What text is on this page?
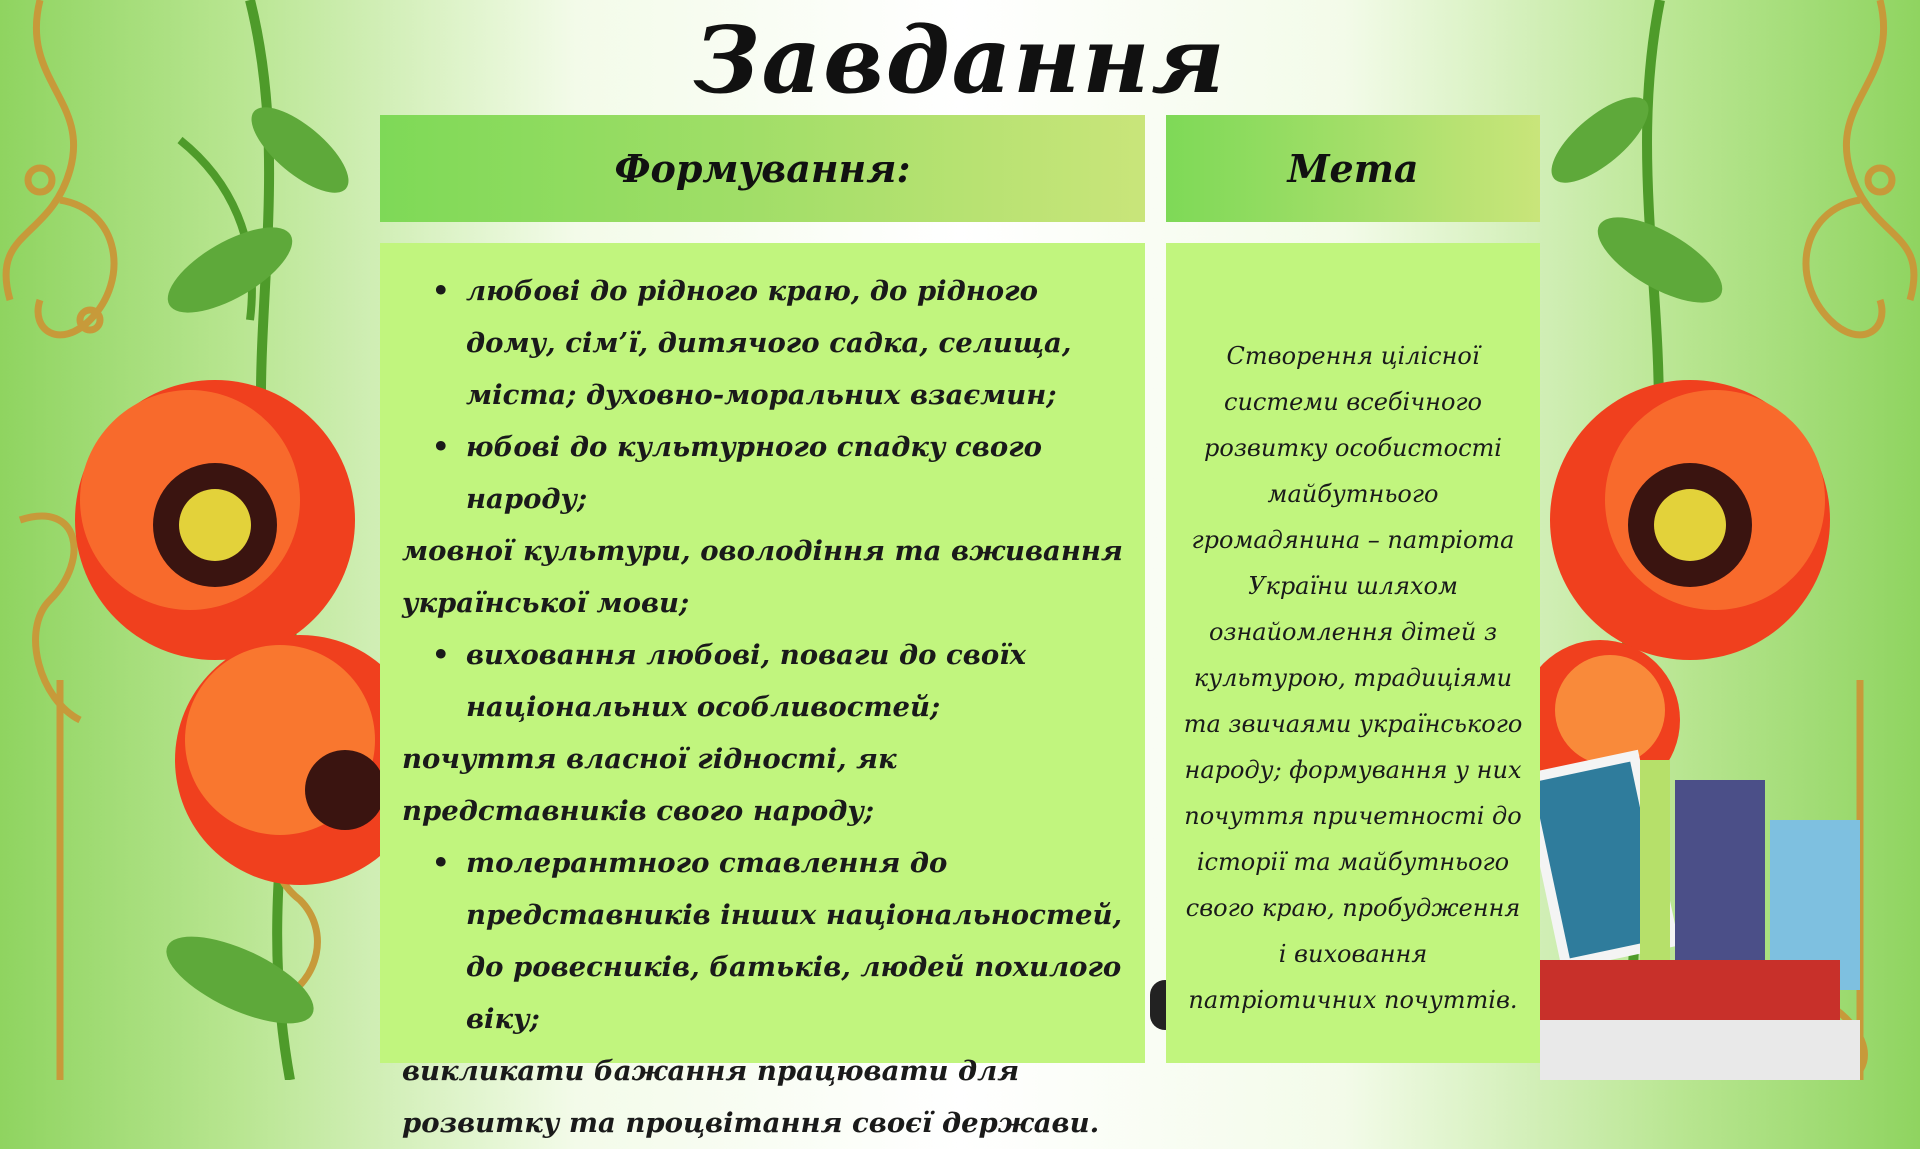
Завдання
Формування:	Мета
• любові до рідного краю, до рідного дому, сім’ї, дитячого садка, селища, міста; духовно-моральних взаємин;
• юбові до культурного спадку свого народу;
мовної культури, оволодіння та вживання української мови;
• виховання любові, поваги до своїх національних особливостей;
почуття власної гідності, як представників свого народу;
• толерантного ставлення до представників інших національностей, до ровесників, батьків, людей похилого віку;
викликати бажання працювати для розвитку та процвітання своєї держави.
Створення цілісної системи всебічного розвитку особистості майбутнього громадянина – патріота України шляхом ознайомлення дітей з культурою, традиціями та звичаями українського народу; формування у них почуття причетності до історії та майбутнього свого краю, пробудження і виховання патріотичних почуттів.
